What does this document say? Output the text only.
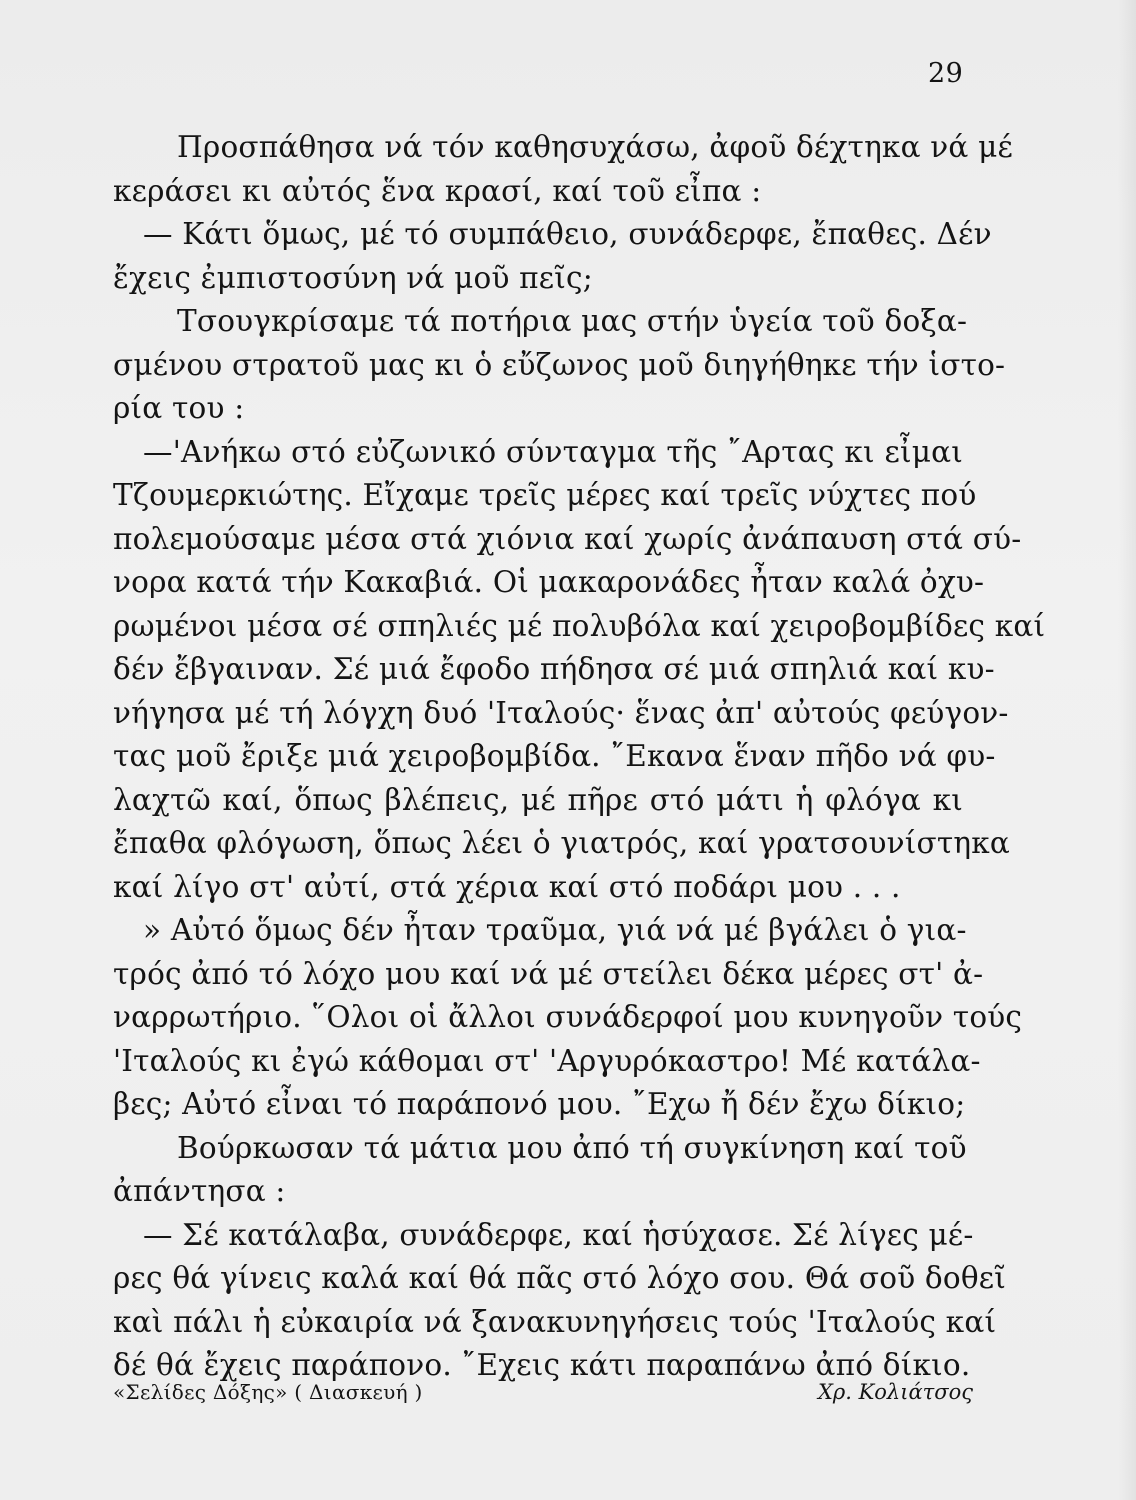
29
Προσπάθησα νά τόν καθησυχάσω, ἀφοῦ δέχτηκα νά μέ
κεράσει κι αὐτός ἕνα κρασί, καί τοῦ εἶπα :
— Κάτι ὅμως, μέ τό συμπάθειο, συνάδερφε, ἔπαθες. Δέν
ἔχεις ἐμπιστοσύνη νά μοῦ πεῖς;
Τσουγκρίσαμε τά ποτήρια μας στήν ὑγεία τοῦ δοξα-
σμένου στρατοῦ μας κι ὁ εὔζωνος μοῦ διηγήθηκε τήν ἱστο-
ρία του :
—'Ανήκω στό εὐζωνικό σύνταγμα τῆς ῎Αρτας κι εἶμαι
Τζουμερκιώτης. Εἴχαμε τρεῖς μέρες καί τρεῖς νύχτες πού
πολεμούσαμε μέσα στά χιόνια καί χωρίς ἀνάπαυση στά σύ-
νορα κατά τήν Κακαβιά. Οἱ μακαρονάδες ἦταν καλά ὀχυ-
ρωμένοι μέσα σέ σπηλιές μέ πολυβόλα καί χειροβομβίδες καί
δέν ἔβγαιναν. Σέ μιά ἔφοδο πήδησα σέ μιά σπηλιά καί κυ-
νήγησα μέ τή λόγχη δυό 'Ιταλούς· ἕνας ἀπ' αὐτούς φεύγον-
τας μοῦ ἔριξε μιά χειροβομβίδα. ῎Εκανα ἕναν πῆδο νά φυ-
λαχτῶ καί, ὅπως βλέπεις, μέ πῆρε στό μάτι ἡ φλόγα κι
ἔπαθα φλόγωση, ὅπως λέει ὁ γιατρός, καί γρατσουνίστηκα
καί λίγο στ' αὐτί, στά χέρια καί στό ποδάρι μου . . .
» Αὐτό ὅμως δέν ἦταν τραῦμα, γιά νά μέ βγάλει ὁ για-
τρός ἀπό τό λόχο μου καί νά μέ στείλει δέκα μέρες στ' ἀ-
ναρρωτήριο. ῞Ολοι οἱ ἄλλοι συνάδερφοί μου κυνηγοῦν τούς
'Ιταλούς κι ἐγώ κάθομαι στ' 'Αργυρόκαστρο! Μέ κατάλα-
βες; Αὐτό εἶναι τό παράπονό μου. ῎Εχω ἤ δέν ἔχω δίκιο;
Βούρκωσαν τά μάτια μου ἀπό τή συγκίνηση καί τοῦ
ἀπάντησα :
— Σέ κατάλαβα, συνάδερφε, καί ἡσύχασε. Σέ λίγες μέ-
ρες θά γίνεις καλά καί θά πᾶς στό λόχο σου. Θά σοῦ δοθεῖ
καὶ πάλι ἡ εὐκαιρία νά ξανακυνηγήσεις τούς 'Ιταλούς καί
δέ θά ἔχεις παράπονο. ῎Εχεις κάτι παραπάνω ἀπό δίκιο.
«Σελίδες Δόξης» ( Διασκευή )	Χρ. Κολιάτσος
